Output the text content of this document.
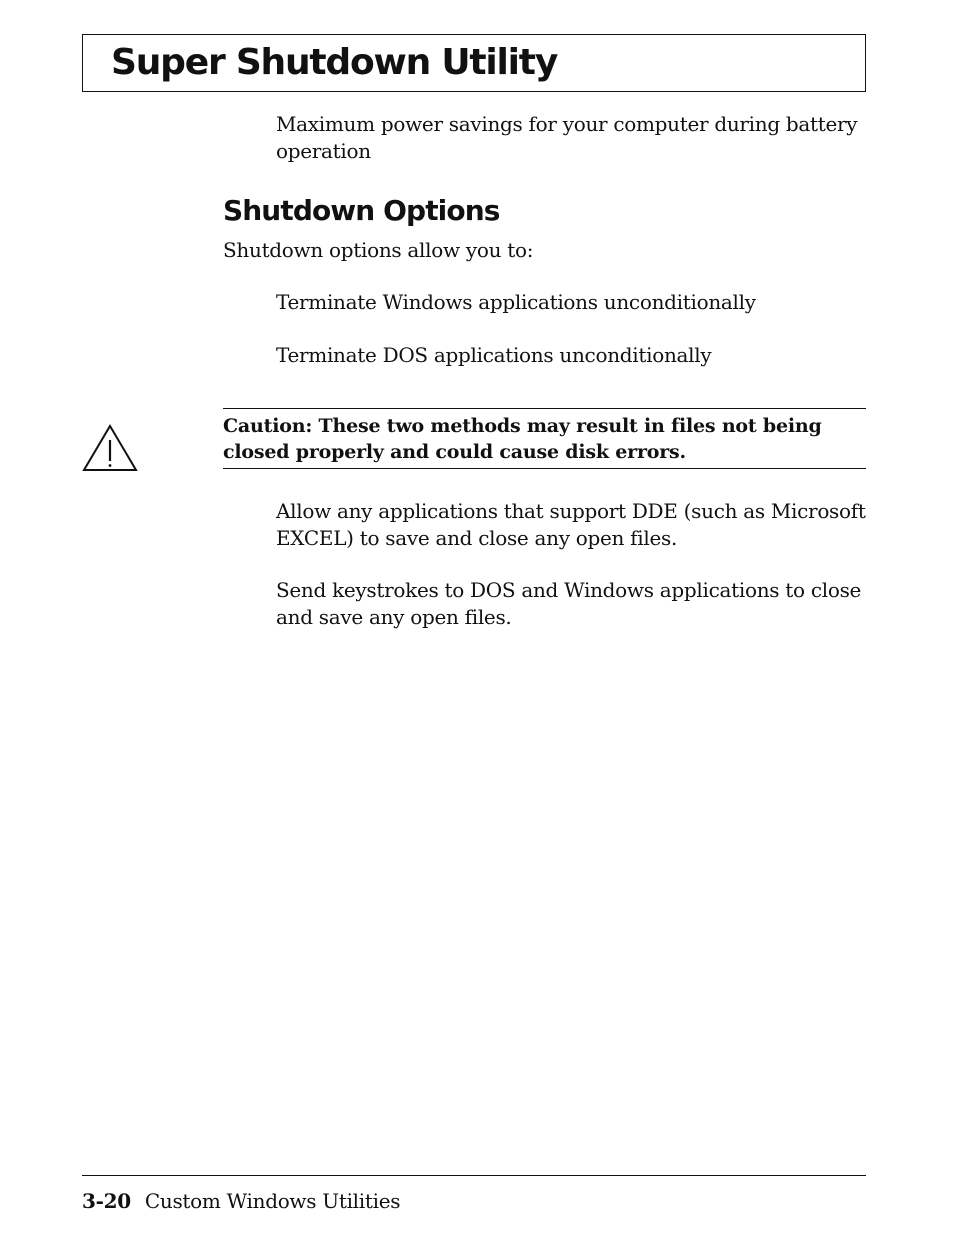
Super Shutdown Utility

Maximum power savings for your computer during battery operation

Shutdown Options

Shutdown options allow you to:

Terminate Windows applications unconditionally

Terminate DOS applications unconditionally

Caution: These two methods may result in files not being closed properly and could cause disk errors.

Allow any applications that support DDE (such as Microsoft EXCEL) to save and close any open files.

Send keystrokes to DOS and Windows applications to close and save any open files.

3-20 Custom Windows Utilities
